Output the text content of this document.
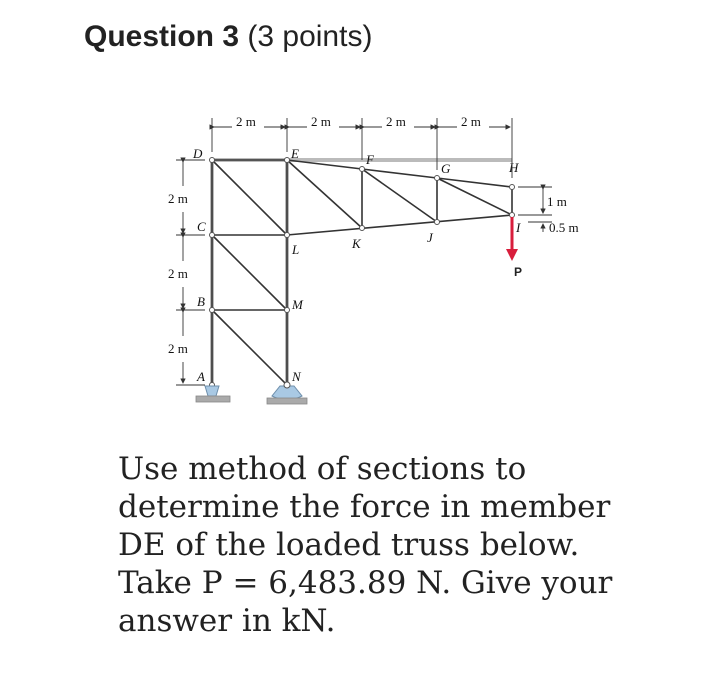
Question 3 (3 points)
P
D	E	F
G	H
I
J
K
L
C
B	M
A	N
2 m	2 m	2 m	2 m
2 m
2 m
2 m
1 m
0.5 m
Use method of sections to
determine the force in member
DE of the loaded truss below.
Take P = 6,483.89 N. Give your
answer in kN.
